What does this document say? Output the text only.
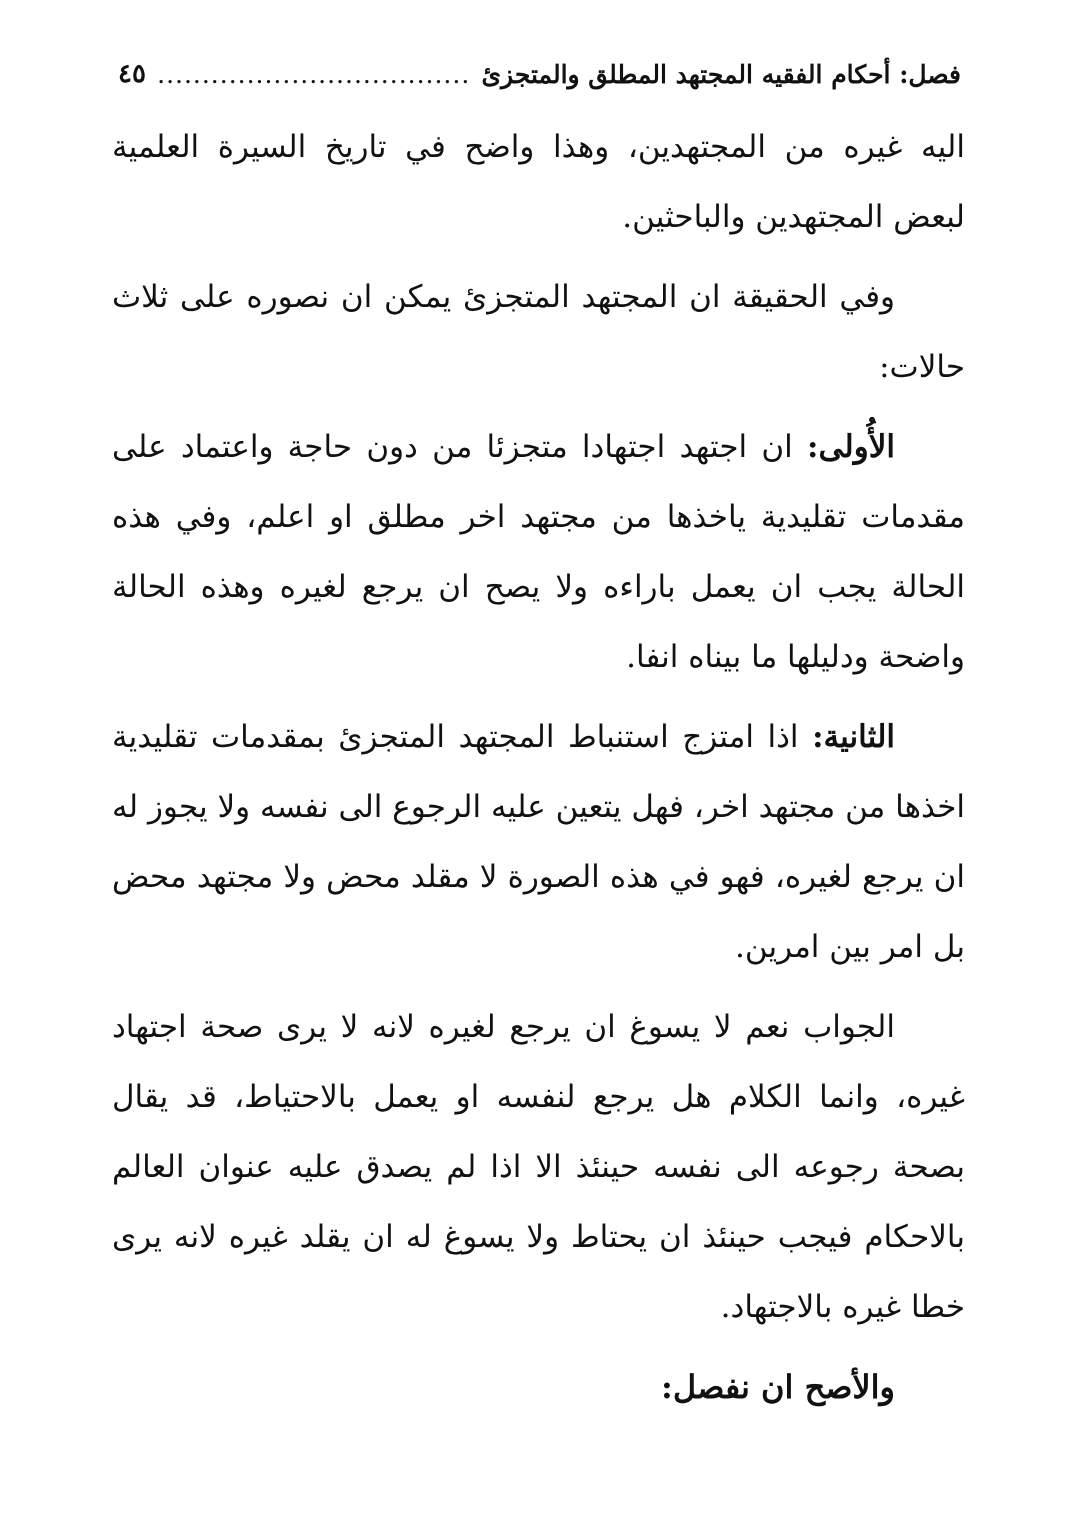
فصل: أحكام الفقيه المجتهد المطلق والمتجزئ
...................................
٤٥

اليه غيره من المجتهدين، وهذا واضح في تاريخ السيرة العلمية لبعض المجتهدين والباحثين.

وفي الحقيقة ان المجتهد المتجزئ يمكن ان نصوره على ثلاث حالات:

الأُولى: ان اجتهد اجتهادا متجزئا من دون حاجة واعتماد على مقدمات تقليدية ياخذها من مجتهد اخر مطلق او اعلم، وفي هذه الحالة يجب ان يعمل باراءه ولا يصح ان يرجع لغيره وهذه الحالة واضحة ودليلها ما بيناه انفا.

الثانية: اذا امتزج استنباط المجتهد المتجزئ بمقدمات تقليدية اخذها من مجتهد اخر، فهل يتعين عليه الرجوع الى نفسه ولا يجوز له ان يرجع لغيره، فهو في هذه الصورة لا مقلد محض ولا مجتهد محض بل امر بين امرين.

الجواب نعم لا يسوغ ان يرجع لغيره لانه لا يرى صحة اجتهاد غيره، وانما الكلام هل يرجع لنفسه او يعمل بالاحتياط، قد يقال بصحة رجوعه الى نفسه حينئذ الا اذا لم يصدق عليه عنوان العالم بالاحكام فيجب حينئذ ان يحتاط ولا يسوغ له ان يقلد غيره لانه يرى خطا غيره بالاجتهاد.

والأصح ان نفصل:
